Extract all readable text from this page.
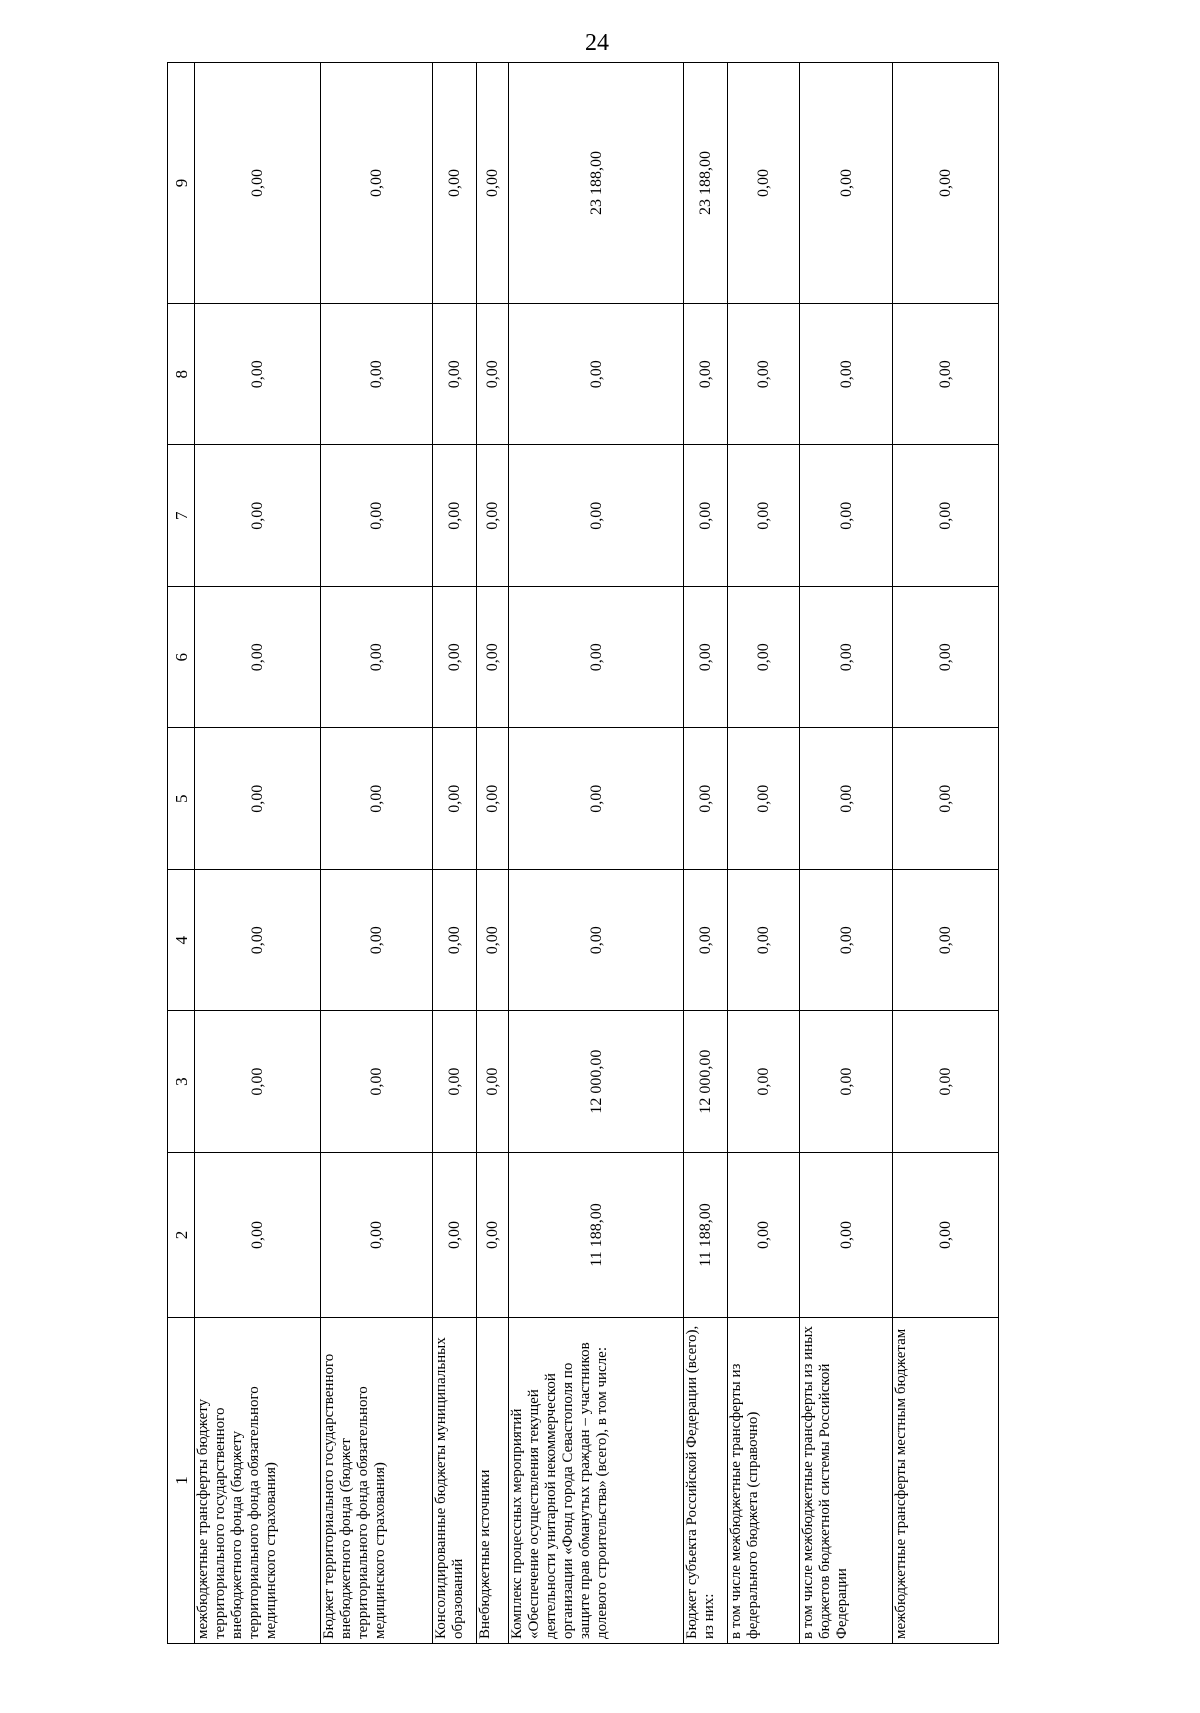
24
1	2	3	4	5	6	7	8	9
межбюджетные трансферты бюджету территориального государственного внебюджетного фонда (бюджету территориального фонда обязательного медицинского страхования)	0,00	0,00	0,00	0,00	0,00	0,00	0,00	0,00
Бюджет территориального государственного внебюджетного фонда (бюджет территориального фонда обязательного медицинского страхования)	0,00	0,00	0,00	0,00	0,00	0,00	0,00	0,00
Консолидированные бюджеты муниципальных образований	0,00	0,00	0,00	0,00	0,00	0,00	0,00	0,00
Внебюджетные источники	0,00	0,00	0,00	0,00	0,00	0,00	0,00	0,00
Комплекс процессных мероприятий «Обеспечение осуществления текущей деятельности унитарной некоммерческой организации «Фонд города Севастополя по защите прав обманутых граждан – участников долевого строительства» (всего), в том числе:	11 188,00	12 000,00	0,00	0,00	0,00	0,00	0,00	23 188,00
Бюджет субъекта Российской Федерации (всего), из них:	11 188,00	12 000,00	0,00	0,00	0,00	0,00	0,00	23 188,00
в том числе межбюджетные трансферты из федерального бюджета (справочно)	0,00	0,00	0,00	0,00	0,00	0,00	0,00	0,00
в том числе межбюджетные трансферты из иных бюджетов бюджетной системы Российской Федерации	0,00	0,00	0,00	0,00	0,00	0,00	0,00	0,00
межбюджетные трансферты местным бюджетам	0,00	0,00	0,00	0,00	0,00	0,00	0,00	0,00
